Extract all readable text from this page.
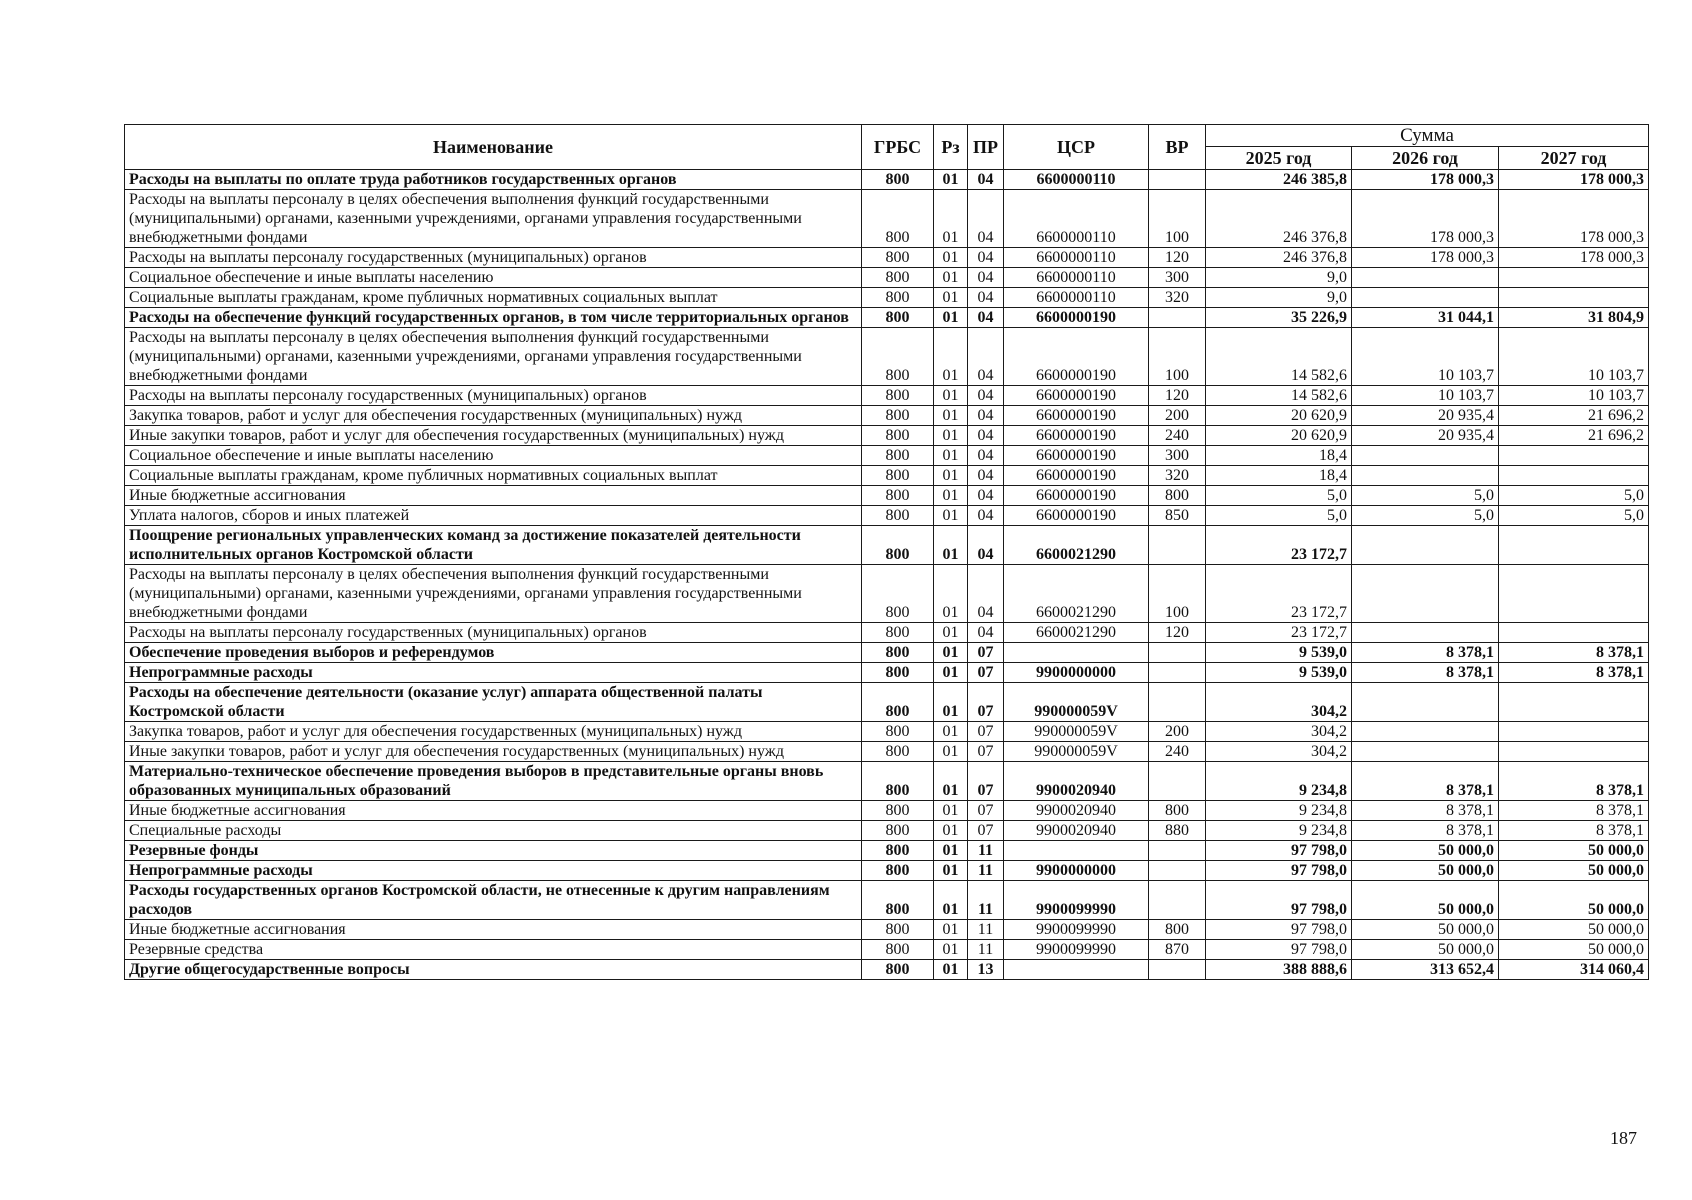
Наименование	ГРБС	Рз	ПР	ЦСР	ВР	Сумма		
						2025 год	2026 год	2027 год
Расходы на выплаты по оплате труда работников государственных органов	800	01	04	6600000110		246 385,8	178 000,3	178 000,3
Расходы на выплаты персоналу в целях обеспечения выполнения функций государственными (муниципальными) органами, казенными учреждениями, органами управления государственными внебюджетными фондами	800	01	04	6600000110	100	246 376,8	178 000,3	178 000,3
Расходы на выплаты персоналу государственных (муниципальных) органов	800	01	04	6600000110	120	246 376,8	178 000,3	178 000,3
Социальное обеспечение и иные выплаты населению	800	01	04	6600000110	300	9,0		
Социальные выплаты гражданам, кроме публичных нормативных социальных выплат	800	01	04	6600000110	320	9,0		
Расходы на обеспечение функций государственных органов, в том числе территориальных органов	800	01	04	6600000190		35 226,9	31 044,1	31 804,9
Расходы на выплаты персоналу в целях обеспечения выполнения функций государственными (муниципальными) органами, казенными учреждениями, органами управления государственными внебюджетными фондами	800	01	04	6600000190	100	14 582,6	10 103,7	10 103,7
Расходы на выплаты персоналу государственных (муниципальных) органов	800	01	04	6600000190	120	14 582,6	10 103,7	10 103,7
Закупка товаров, работ и услуг для обеспечения государственных (муниципальных) нужд	800	01	04	6600000190	200	20 620,9	20 935,4	21 696,2
Иные закупки товаров, работ и услуг для обеспечения государственных (муниципальных) нужд	800	01	04	6600000190	240	20 620,9	20 935,4	21 696,2
Социальное обеспечение и иные выплаты населению	800	01	04	6600000190	300	18,4		
Социальные выплаты гражданам, кроме публичных нормативных социальных выплат	800	01	04	6600000190	320	18,4		
Иные бюджетные ассигнования	800	01	04	6600000190	800	5,0	5,0	5,0
Уплата налогов, сборов и иных платежей	800	01	04	6600000190	850	5,0	5,0	5,0
Поощрение региональных управленческих команд за достижение показателей деятельности исполнительных органов Костромской области	800	01	04	6600021290		23 172,7		
Расходы на выплаты персоналу в целях обеспечения выполнения функций государственными (муниципальными) органами, казенными учреждениями, органами управления государственными внебюджетными фондами	800	01	04	6600021290	100	23 172,7		
Расходы на выплаты персоналу государственных (муниципальных) органов	800	01	04	6600021290	120	23 172,7		
Обеспечение проведения выборов и референдумов	800	01	07			9 539,0	8 378,1	8 378,1
Непрограммные расходы	800	01	07	9900000000		9 539,0	8 378,1	8 378,1
Расходы на обеспечение деятельности (оказание услуг) аппарата общественной палаты Костромской области	800	01	07	990000059V		304,2		
Закупка товаров, работ и услуг для обеспечения государственных (муниципальных) нужд	800	01	07	990000059V	200	304,2		
Иные закупки товаров, работ и услуг для обеспечения государственных (муниципальных) нужд	800	01	07	990000059V	240	304,2		
Материально-техническое обеспечение проведения выборов в представительные органы вновь образованных муниципальных образований	800	01	07	9900020940		9 234,8	8 378,1	8 378,1
Иные бюджетные ассигнования	800	01	07	9900020940	800	9 234,8	8 378,1	8 378,1
Специальные расходы	800	01	07	9900020940	880	9 234,8	8 378,1	8 378,1
Резервные фонды	800	01	11			97 798,0	50 000,0	50 000,0
Непрограммные расходы	800	01	11	9900000000		97 798,0	50 000,0	50 000,0
Расходы государственных органов Костромской области, не отнесенные к другим направлениям расходов	800	01	11	9900099990		97 798,0	50 000,0	50 000,0
Иные бюджетные ассигнования	800	01	11	9900099990	800	97 798,0	50 000,0	50 000,0
Резервные средства	800	01	11	9900099990	870	97 798,0	50 000,0	50 000,0
Другие общегосударственные вопросы	800	01	13			388 888,6	313 652,4	314 060,4
187
